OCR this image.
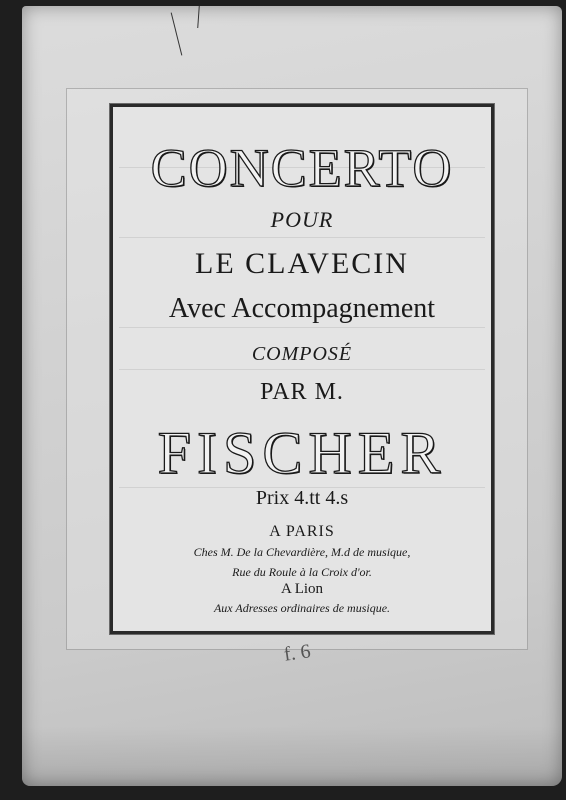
CONCERTO
POUR
LE CLAVECIN
Avec Accompagnement
COMPOSÉ
PAR M.
FISCHER
Prix 4.tt 4.s
A PARIS
Ches M. De la Chevardière, M.d de musique,
Rue du Roule à la Croix d'or.
A Lion
Aux Adresses ordinaires de musique.
f. 6
